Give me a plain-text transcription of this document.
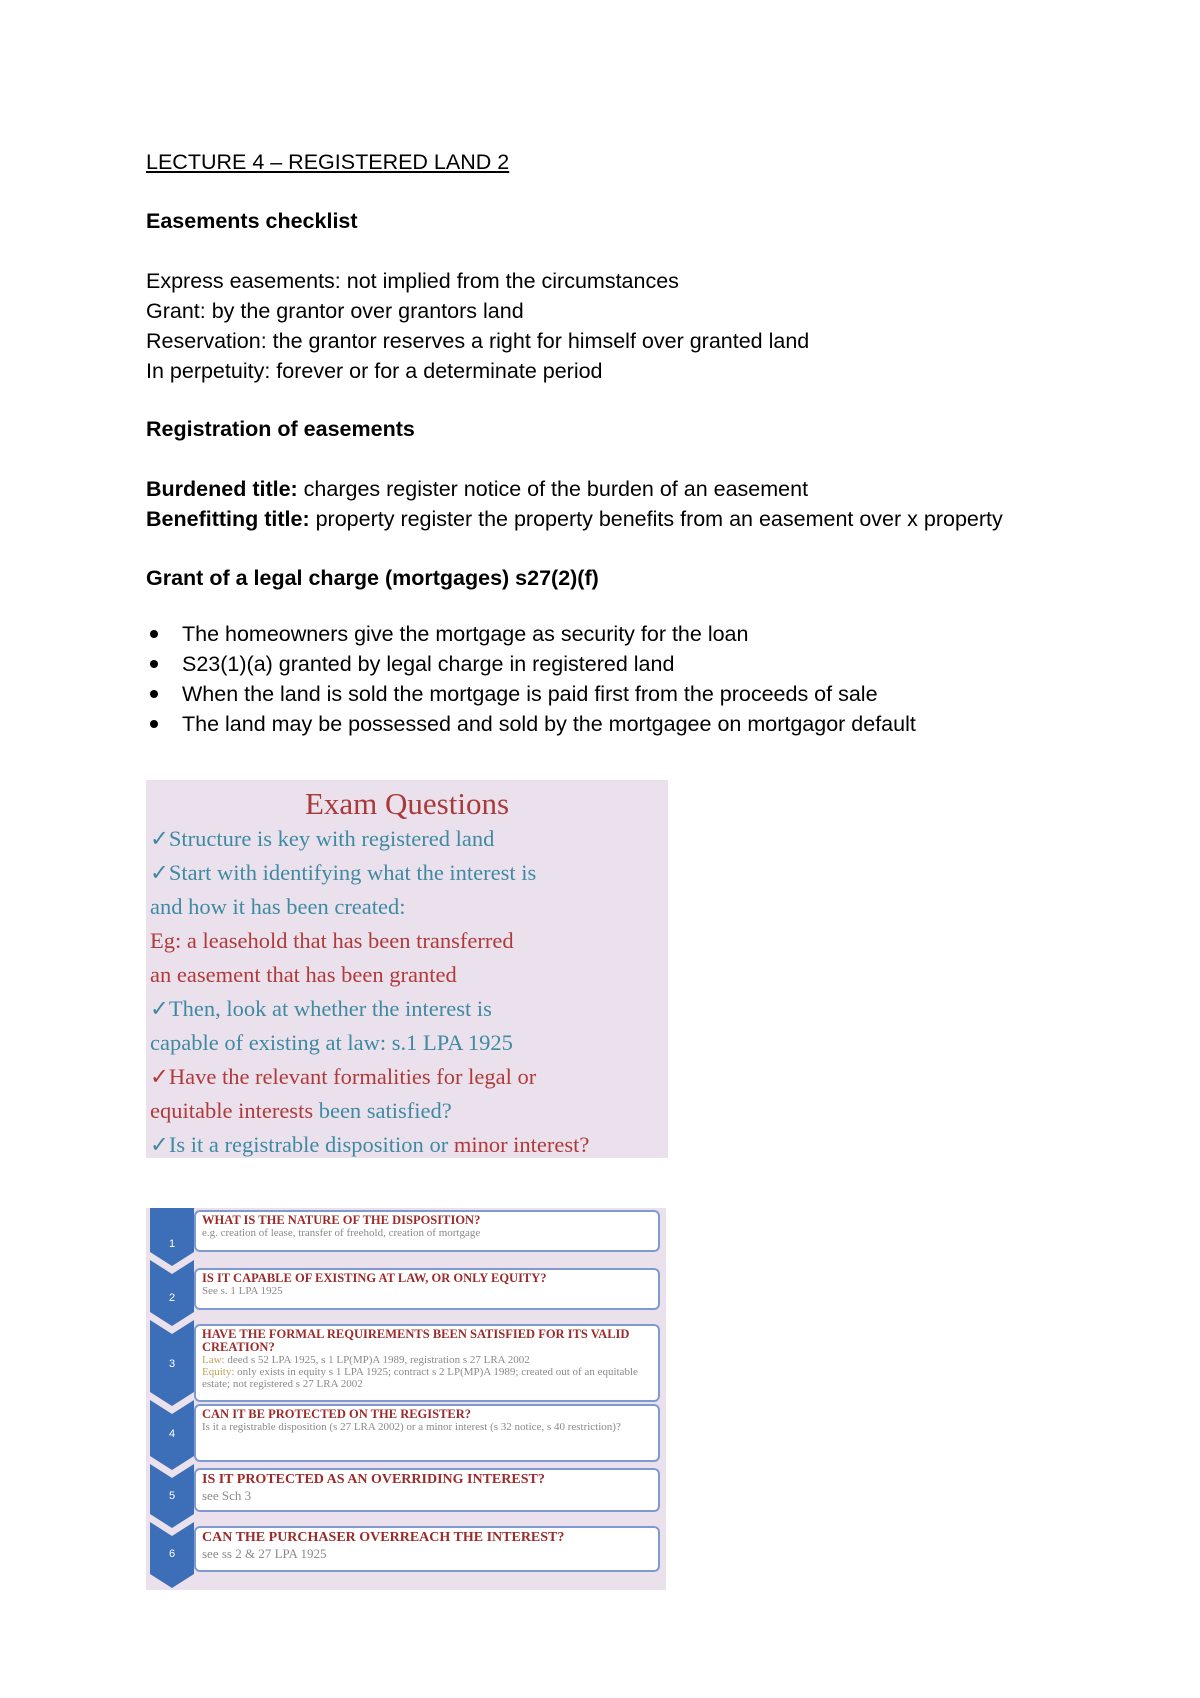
LECTURE 4 – REGISTERED LAND 2
Easements checklist
Express easements: not implied from the circumstances
Grant: by the grantor over grantors land
Reservation: the grantor reserves a right for himself over granted land
In perpetuity: forever or for a determinate period
Registration of easements
Burdened title: charges register notice of the burden of an easement
Benefitting title: property register the property benefits from an easement over x property
Grant of a legal charge (mortgages) s27(2)(f)
The homeowners give the mortgage as security for the loan
S23(1)(a) granted by legal charge in registered land
When the land is sold the mortgage is paid first from the proceeds of sale
The land may be possessed and sold by the mortgagee on mortgagor default
Exam Questions
✓Structure is key with registered land
✓Start with identifying what the interest is
and how it has been created:
Eg: a leasehold that has been transferred
an easement that has been granted
✓Then, look at whether the interest is
capable of existing at law: s.1 LPA 1925
✓Have the relevant formalities for legal or
equitable interests been satisfied?
✓Is it a registrable disposition or minor interest?
1
2
3
4
5
6
WHAT IS THE NATURE OF THE DISPOSITION?
e.g. creation of lease, transfer of freehold, creation of mortgage
IS IT CAPABLE OF EXISTING AT LAW, OR ONLY EQUITY?
See s. 1 LPA 1925
HAVE THE FORMAL REQUIREMENTS BEEN SATISFIED FOR ITS VALID CREATION?
Law: deed s 52 LPA 1925, s 1 LP(MP)A 1989, registration s 27 LRA 2002
Equity: only exists in equity s 1 LPA 1925; contract s 2 LP(MP)A 1989; created out of an equitable estate; not registered s 27 LRA 2002
CAN IT BE PROTECTED ON THE REGISTER?
Is it a registrable disposition (s 27 LRA 2002) or a minor interest (s 32 notice, s 40 restriction)?
IS IT PROTECTED AS AN OVERRIDING INTEREST?
see Sch 3
CAN THE PURCHASER OVERREACH THE INTEREST?
see ss 2 & 27 LPA 1925
